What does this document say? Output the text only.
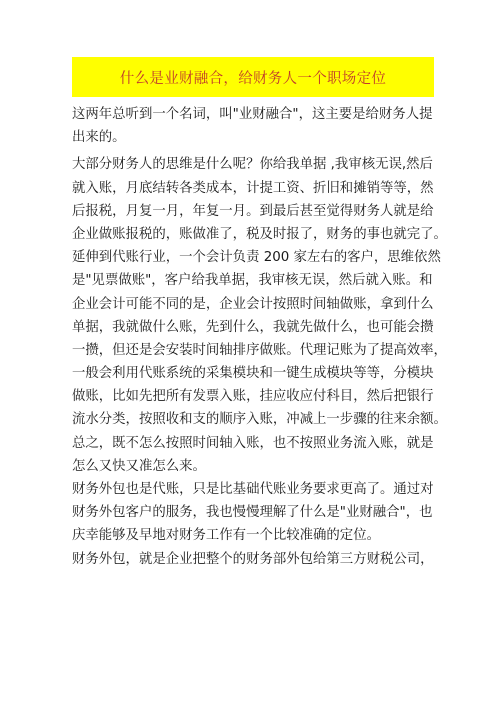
什么是业财融合，给财务人一个职场定位
这两年总听到一个名词，叫"业财融合"，这主要是给财务人提
出来的。
大部分财务人的思维是什么呢？你给我单据 ,我审核无误,然后
就入账，月底结转各类成本，计提工资、折旧和摊销等等，然
后报税，月复一月，年复一月。到最后甚至觉得财务人就是给
企业做账报税的，账做准了，税及时报了，财务的事也就完了。
延伸到代账行业，一个会计负责 200 家左右的客户，思维依然
是"见票做账"，客户给我单据，我审核无误，然后就入账。和
企业会计可能不同的是，企业会计按照时间轴做账，拿到什么
单据，我就做什么账，先到什么，我就先做什么，也可能会攒
一攒，但还是会安装时间轴排序做账。代理记账为了提高效率，
一般会利用代账系统的采集模块和一键生成模块等等，分模块
做账，比如先把所有发票入账，挂应收应付科目，然后把银行
流水分类，按照收和支的顺序入账，冲减上一步骤的往来余额。
总之，既不怎么按照时间轴入账，也不按照业务流入账，就是
怎么又快又准怎么来。
财务外包也是代账，只是比基础代账业务要求更高了。通过对
财务外包客户的服务，我也慢慢理解了什么是"业财融合"，也
庆幸能够及早地对财务工作有一个比较准确的定位。
财务外包，就是企业把整个的财务部外包给第三方财税公司，
